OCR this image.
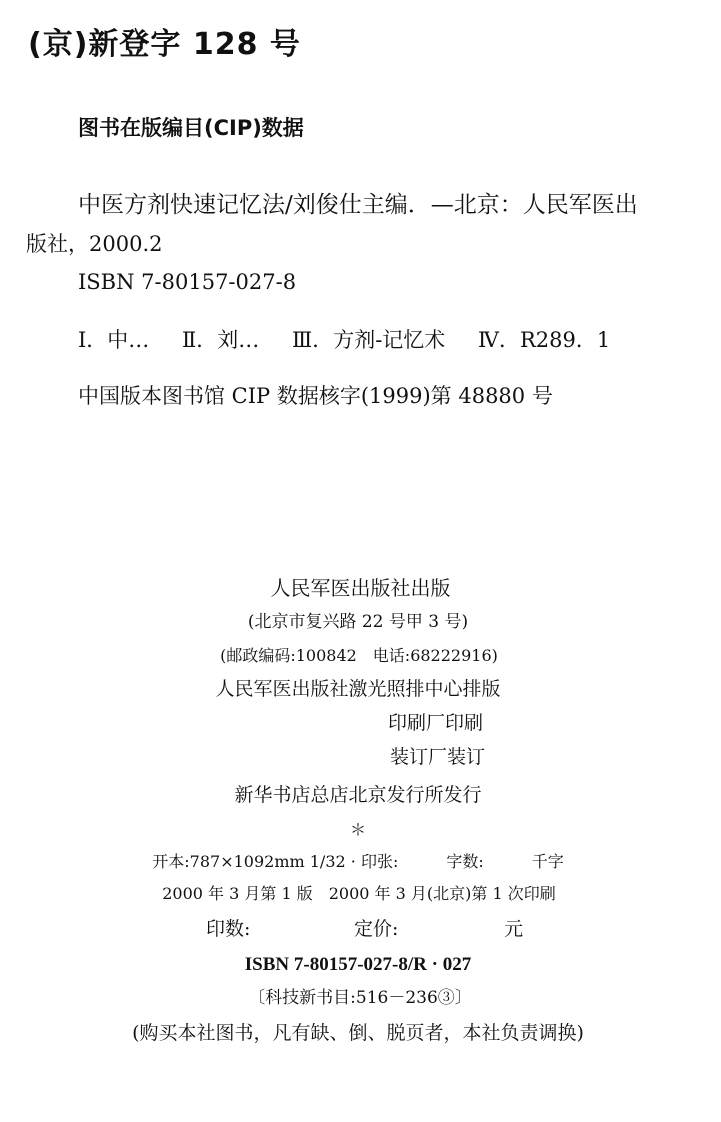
(京)新登字 128 号
图书在版编目(CIP)数据
中医方剂快速记忆法/刘俊仕主编．—北京：人民军医出
版社，2000.2
ISBN 7-80157-027-8
Ⅰ．中… Ⅱ．刘… Ⅲ．方剂-记忆术 Ⅳ．R289．1
中国版本图书馆 CIP 数据核字(1999)第 48880 号
人民军医出版社出版
(北京市复兴路 22 号甲 3 号)
(邮政编码:100842　电话:68222916)
人民军医出版社激光照排中心排版
印刷厂印刷
装订厂装订
新华书店总店北京发行所发行
＊
开本:787×1092mm 1/32 · 印张:　　　字数:　　　千字
2000 年 3 月第 1 版　2000 年 3 月(北京)第 1 次印刷
印数:	定价:	元
ISBN 7-80157-027-8/R · 027
〔科技新书目:516－236③〕
(购买本社图书，凡有缺、倒、脱页者，本社负责调换)
